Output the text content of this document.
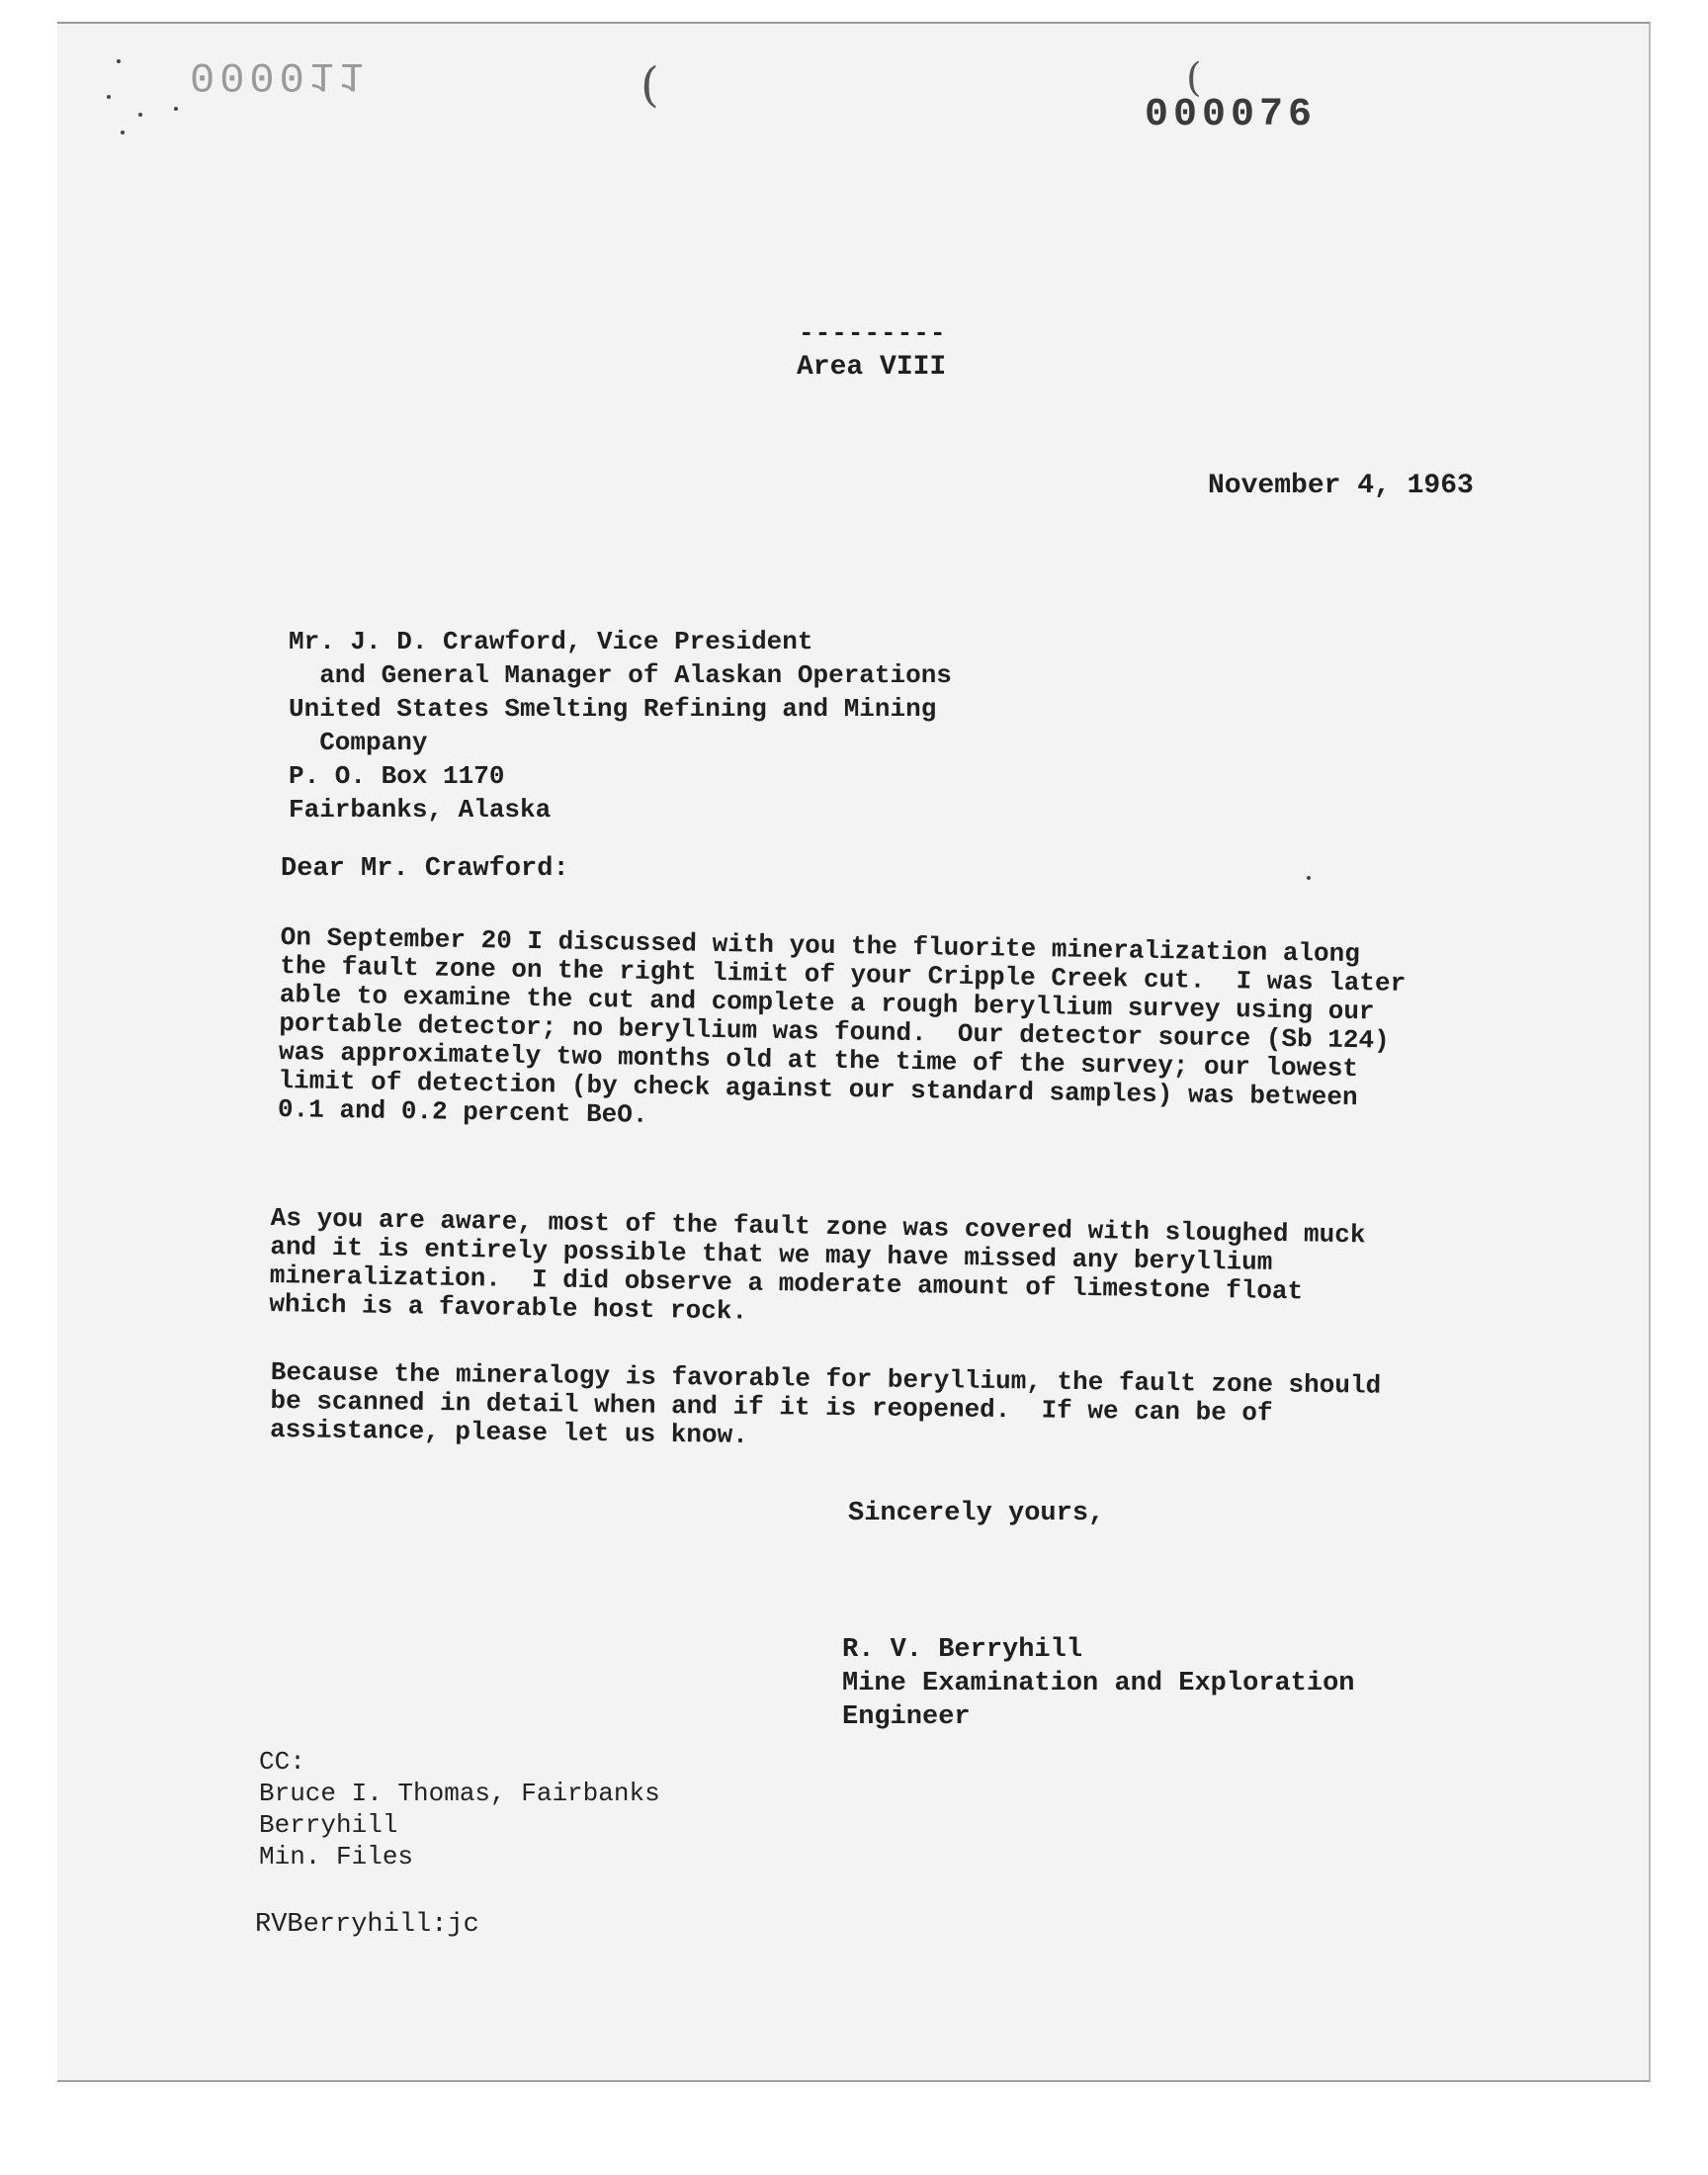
000011	(	(
000076
---------
Area VIII
November 4, 1963
Mr. J. D. Crawford, Vice President
and General Manager of Alaskan Operations
United States Smelting Refining and Mining
Company
P. O. Box 1170
Fairbanks, Alaska
Dear Mr. Crawford:
On September 20 I discussed with you the fluorite mineralization along
the fault zone on the right limit of your Cripple Creek cut.  I was later
able to examine the cut and complete a rough beryllium survey using our
portable detector; no beryllium was found.  Our detector source (Sb 124)
was approximately two months old at the time of the survey; our lowest
limit of detection (by check against our standard samples) was between
0.1 and 0.2 percent BeO.
As you are aware, most of the fault zone was covered with sloughed muck
and it is entirely possible that we may have missed any beryllium
mineralization.  I did observe a moderate amount of limestone float
which is a favorable host rock.
Because the mineralogy is favorable for beryllium, the fault zone should
be scanned in detail when and if it is reopened.  If we can be of
assistance, please let us know.
Sincerely yours,
R. V. Berryhill
Mine Examination and Exploration
Engineer
CC:
Bruce I. Thomas, Fairbanks
Berryhill
Min. Files
RVBerryhill:jc
